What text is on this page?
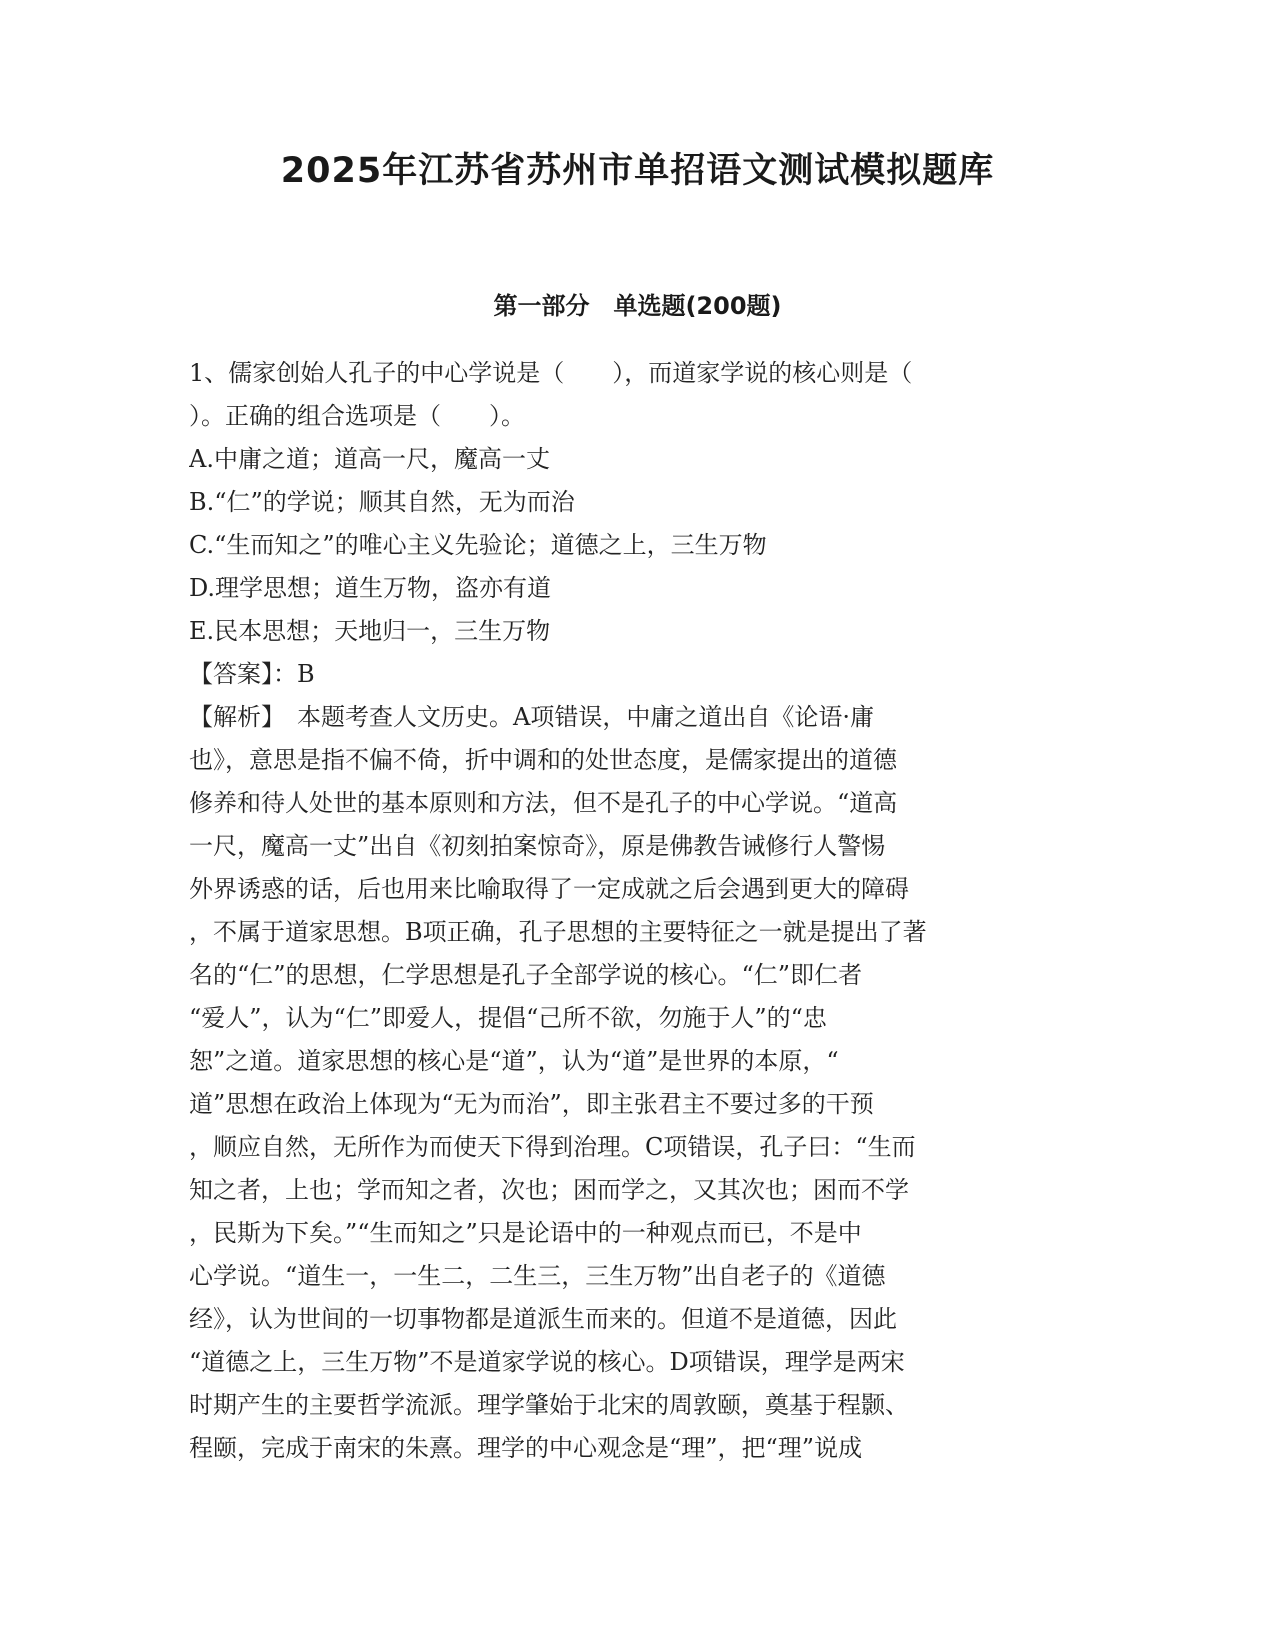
2025年江苏省苏州市单招语文测试模拟题库
第一部分　单选题(200题)
1、儒家创始人孔子的中心学说是（　　），而道家学说的核心则是（
）。正确的组合选项是（　　）。
A.中庸之道；道高一尺，魔高一丈
B.“仁”的学说；顺其自然，无为而治
C.“生而知之”的唯心主义先验论；道德之上，三生万物
D.理学思想；道生万物，盗亦有道
E.民本思想；天地归一，三生万物
【答案】：B
【解析】　本题考查人文历史。A项错误，中庸之道出自《论语·庸
也》，意思是指不偏不倚，折中调和的处世态度，是儒家提出的道德
修养和待人处世的基本原则和方法，但不是孔子的中心学说。“道高
一尺，魔高一丈”出自《初刻拍案惊奇》，原是佛教告诫修行人警惕
外界诱惑的话，后也用来比喻取得了一定成就之后会遇到更大的障碍
，不属于道家思想。B项正确，孔子思想的主要特征之一就是提出了著
名的“仁”的思想，仁学思想是孔子全部学说的核心。“仁”即仁者
“爱人”，认为“仁”即爱人，提倡“己所不欲，勿施于人”的“忠
恕”之道。道家思想的核心是“道”，认为“道”是世界的本原，“
道”思想在政治上体现为“无为而治”，即主张君主不要过多的干预
，顺应自然，无所作为而使天下得到治理。C项错误，孔子曰：“生而
知之者，上也；学而知之者，次也；困而学之，又其次也；困而不学
，民斯为下矣。”“生而知之”只是论语中的一种观点而已，不是中
心学说。“道生一，一生二，二生三，三生万物”出自老子的《道德
经》，认为世间的一切事物都是道派生而来的。但道不是道德，因此
“道德之上，三生万物”不是道家学说的核心。D项错误，理学是两宋
时期产生的主要哲学流派。理学肇始于北宋的周敦颐，奠基于程颢、
程颐，完成于南宋的朱熹。理学的中心观念是“理”，把“理”说成
